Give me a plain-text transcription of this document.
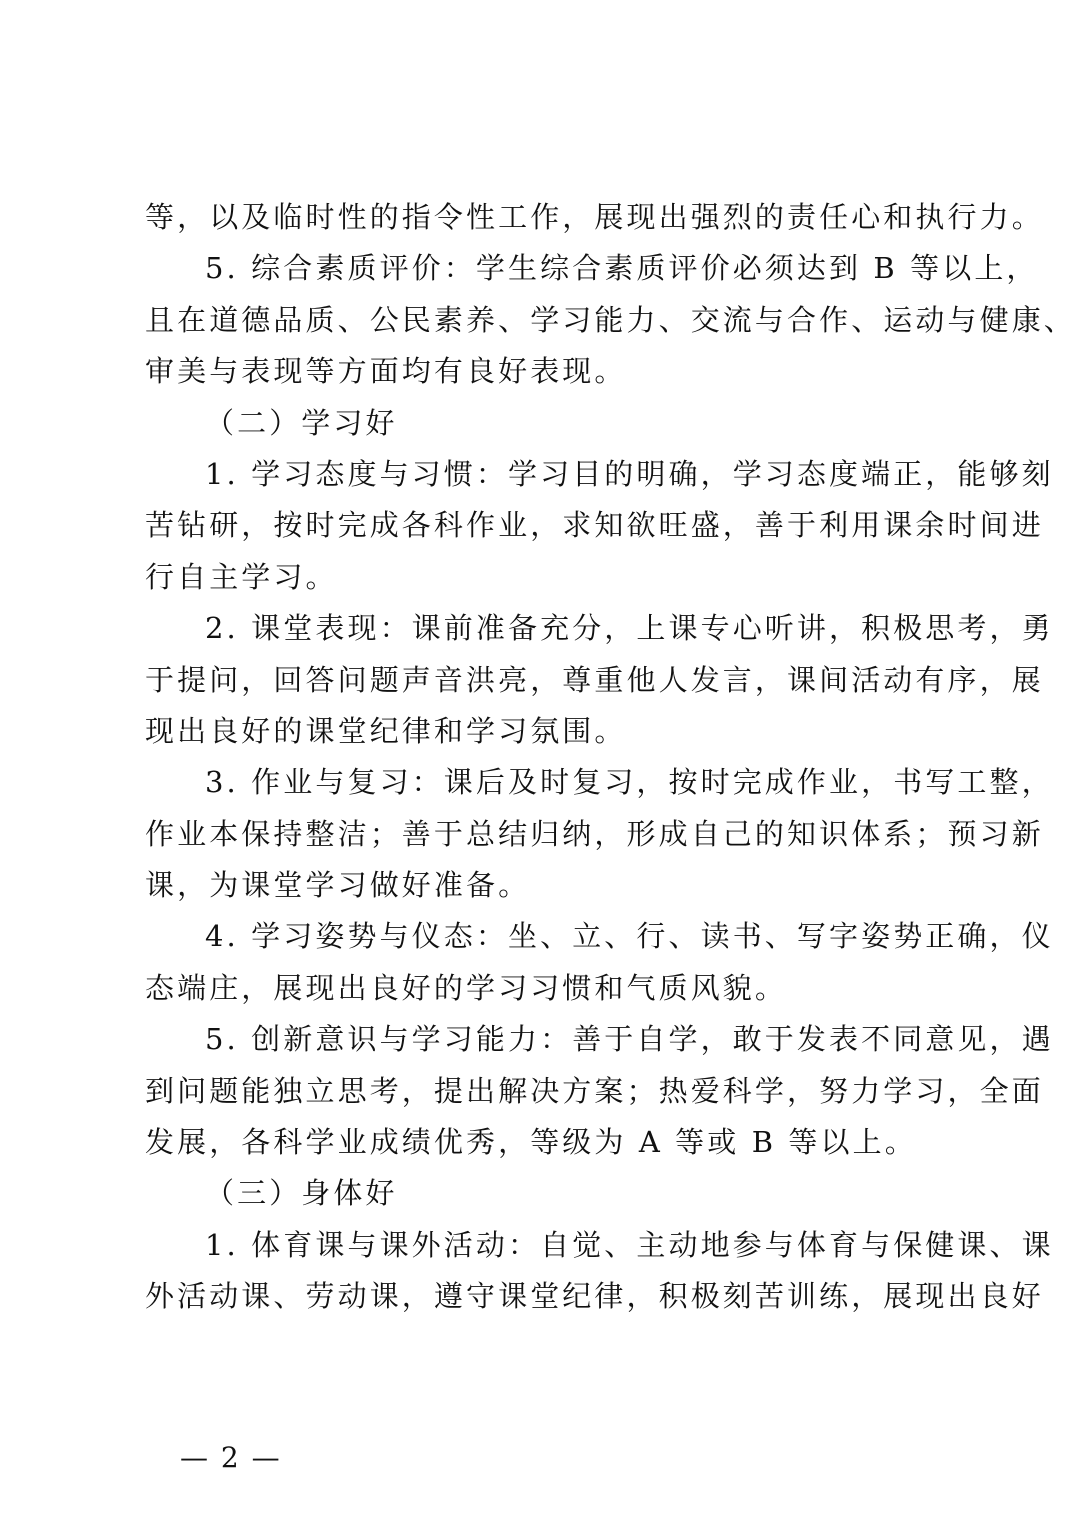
等，以及临时性的指令性工作，展现出强烈的责任心和执行力。
5. 综合素质评价：学生综合素质评价必须达到 B 等以上，
且在道德品质、公民素养、学习能力、交流与合作、运动与健康、
审美与表现等方面均有良好表现。
（二）学习好
1. 学习态度与习惯：学习目的明确，学习态度端正，能够刻
苦钻研，按时完成各科作业，求知欲旺盛，善于利用课余时间进
行自主学习。
2. 课堂表现：课前准备充分，上课专心听讲，积极思考，勇
于提问，回答问题声音洪亮，尊重他人发言，课间活动有序，展
现出良好的课堂纪律和学习氛围。
3. 作业与复习：课后及时复习，按时完成作业，书写工整，
作业本保持整洁；善于总结归纳，形成自己的知识体系；预习新
课，为课堂学习做好准备。
4. 学习姿势与仪态：坐、立、行、读书、写字姿势正确，仪
态端庄，展现出良好的学习习惯和气质风貌。
5. 创新意识与学习能力：善于自学，敢于发表不同意见，遇
到问题能独立思考，提出解决方案；热爱科学，努力学习，全面
发展，各科学业成绩优秀，等级为 A 等或 B 等以上。
（三）身体好
1. 体育课与课外活动：自觉、主动地参与体育与保健课、课
外活动课、劳动课，遵守课堂纪律，积极刻苦训练，展现出良好
— 2 —
